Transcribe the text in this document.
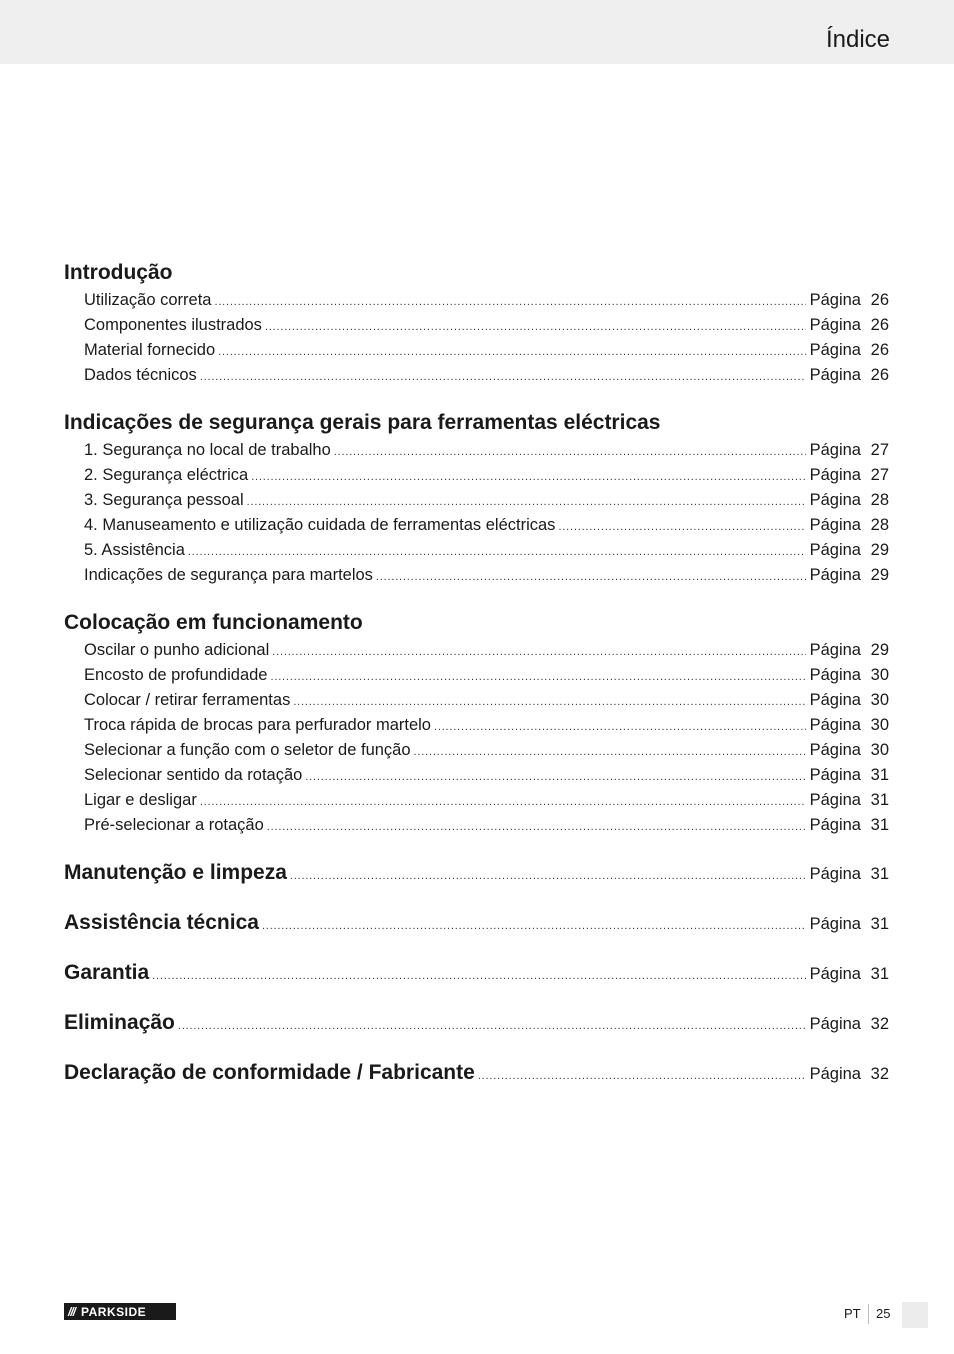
Índice
Introdução
Utilização correta .....	Página 26
Componentes ilustrados .....	Página 26
Material fornecido .....	Página 26
Dados técnicos .....	Página 26
Indicações de segurança gerais para ferramentas eléctricas
1. Segurança no local de trabalho .....	Página 27
2. Segurança eléctrica .....	Página 27
3. Segurança pessoal .....	Página 28
4. Manuseamento e utilização cuidada de ferramentas eléctricas .....	Página 28
5. Assistência .....	Página 29
Indicações de segurança para martelos .....	Página 29
Colocação em funcionamento
Oscilar o punho adicional .....	Página 29
Encosto de profundidade .....	Página 30
Colocar / retirar ferramentas .....	Página 30
Troca rápida de brocas para perfurador martelo .....	Página 30
Selecionar a função com o seletor de função .....	Página 30
Selecionar sentido da rotação .....	Página 31
Ligar e desligar .....	Página 31
Pré-selecionar a rotação .....	Página 31
Manutenção e limpeza .....	Página 31
Assistência técnica .....	Página 31
Garantia .....	Página 31
Eliminação .....	Página 32
Declaração de conformidade / Fabricante .....	Página 32
/// PARKSIDE	PT 25
